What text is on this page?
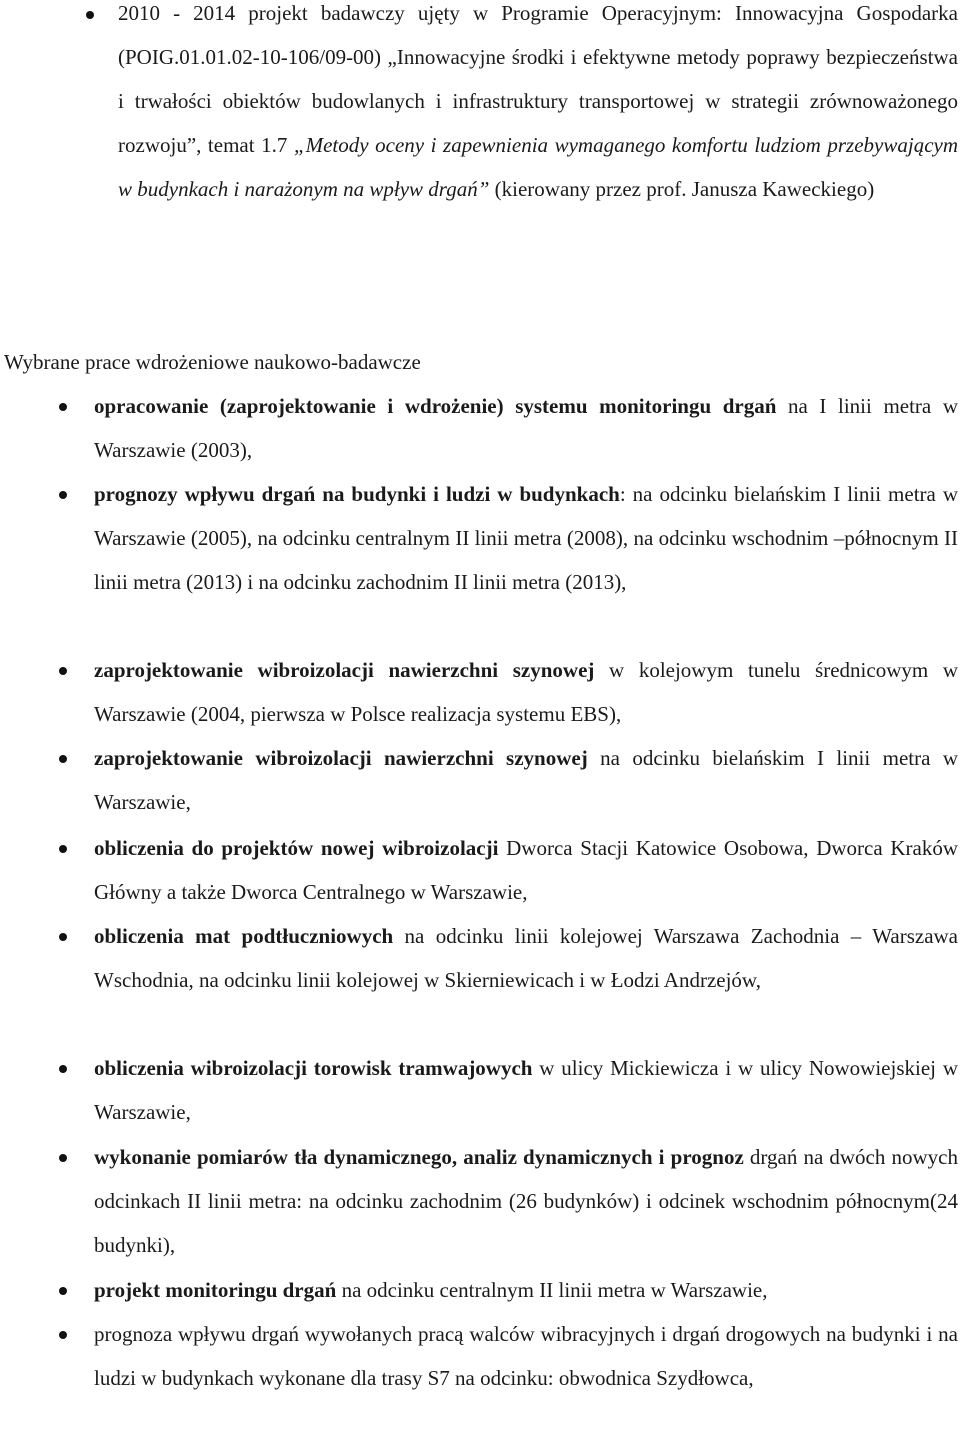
2010 - 2014 projekt badawczy ujęty w Programie Operacyjnym: Innowacyjna Gospodarka (POIG.01.01.02-10-106/09-00) „Innowacyjne środki i efektywne metody poprawy bezpieczeństwa i trwałości obiektów budowlanych i infrastruktury transportowej w strategii zrównoważonego rozwoju”, temat 1.7 „Metody oceny i zapewnienia wymaganego komfortu ludziom przebywającym w budynkach i narażonym na wpływ drgań” (kierowany przez prof. Janusza Kaweckiego)
Wybrane prace wdrożeniowe naukowo-badawcze
opracowanie (zaprojektowanie i wdrożenie) systemu monitoringu drgań na I linii metra w Warszawie (2003),
prognozy wpływu drgań na budynki i ludzi w budynkach: na odcinku bielańskim I linii metra w Warszawie (2005), na odcinku centralnym II linii metra (2008), na odcinku wschodnim –północnym II linii metra (2013) i na odcinku zachodnim II linii metra (2013),
zaprojektowanie wibroizolacji nawierzchni szynowej w kolejowym tunelu średnicowym w Warszawie (2004, pierwsza w Polsce realizacja systemu EBS),
zaprojektowanie wibroizolacji nawierzchni szynowej na odcinku bielańskim I linii metra w Warszawie,
obliczenia do projektów nowej wibroizolacji Dworca Stacji Katowice Osobowa, Dworca Kraków Główny a także Dworca Centralnego w Warszawie,
obliczenia mat podtłuczniowych na odcinku linii kolejowej Warszawa Zachodnia – Warszawa Wschodnia, na odcinku linii kolejowej w Skierniewicach i w Łodzi Andrzejów,
obliczenia wibroizolacji torowisk tramwajowych w ulicy Mickiewicza i w ulicy Nowowiejskiej w Warszawie,
wykonanie pomiarów tła dynamicznego, analiz dynamicznych i prognoz drgań na dwóch nowych odcinkach II linii metra: na odcinku zachodnim (26 budynków) i odcinek wschodnim północnym(24 budynki),
projekt monitoringu drgań na odcinku centralnym II linii metra w Warszawie,
prognoza wpływu drgań wywołanych pracą walców wibracyjnych i drgań drogowych na budynki i na ludzi w budynkach wykonane dla trasy S7 na odcinku: obwodnica Szydłowca,
